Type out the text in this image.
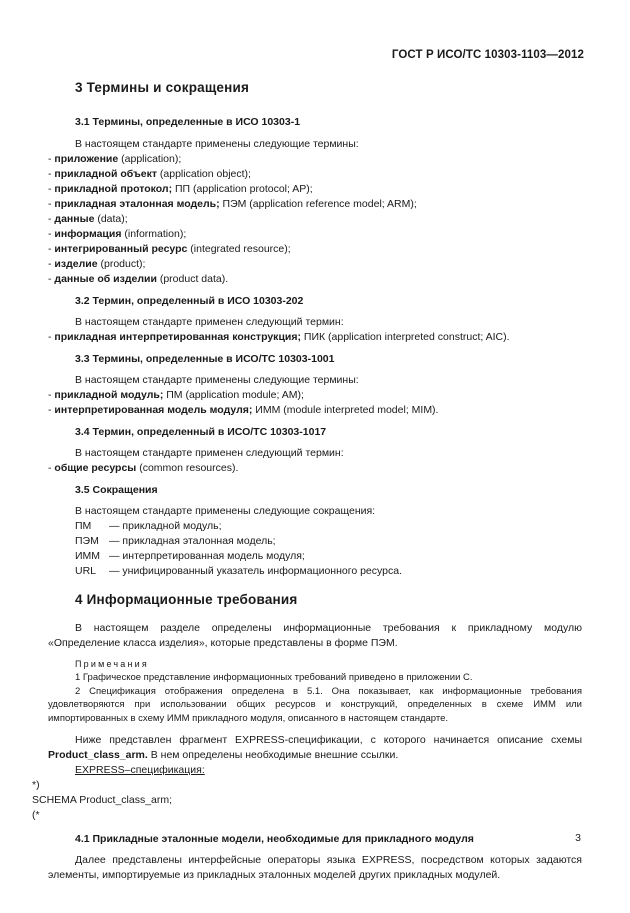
ГОСТ Р ИСО/ТС 10303-1103—2012
3 Термины и сокращения
3.1 Термины, определенные в ИСО 10303-1

В настоящем стандарте применены следующие термины:

- приложение (application);

- прикладной объект (application object);

- прикладной протокол; ПП (application protocol; AP);

- прикладная эталонная модель; ПЭМ (application reference model; ARM);

- данные (data);

- информация (information);

- интегрированный ресурс (integrated resource);

- изделие (product);

- данные об изделии (product data).

3.2 Термин, определенный в ИСО 10303-202

В настоящем стандарте применен следующий термин:

- прикладная интерпретированная конструкция; ПИК (application interpreted construct; AIC).

3.3 Термины, определенные в ИСО/ТС 10303-1001

В настоящем стандарте применены следующие термины:

- прикладной модуль; ПМ (application module; AM);

- интерпретированная модель модуля; ИММ (module interpreted model; MIM).

3.4 Термин, определенный в ИСО/ТС 10303-1017

В настоящем стандарте применен следующий термин:

- общие ресурсы (common resources).

3.5 Сокращения

В настоящем стандарте применены следующие сокращения:

ПМ	— прикладной модуль;
ПЭМ — прикладная эталонная модель;
ИММ — интерпретированная модель модуля;
URL	— унифицированный указатель информационного ресурса.
4 Информационные требования

В настоящем разделе определены информационные требования к прикладному модулю «Определение класса изделия», которые представлены в форме ПЭМ.

Примечания
1 Графическое представление информационных требований приведено в приложении С.
2 Спецификация отображения определена в 5.1. Она показывает, как информационные требования удовлетворяются при использовании общих ресурсов и конструкций, определенных в схеме ИММ или импортированных в схему ИММ прикладного модуля, описанного в настоящем стандарте.

Ниже представлен фрагмент EXPRESS-спецификации, с которого начинается описание схемы Product_class_arm. В нем определены необходимые внешние ссылки.

EXPRESS–спецификация:

*)

SCHEMA Product_class_arm;

(*

4.1 Прикладные эталонные модели, необходимые для прикладного модуля

Далее представлены интерфейсные операторы языка EXPRESS, посредством которых задаются элементы, импортируемые из прикладных эталонных моделей других прикладных модулей.

3
